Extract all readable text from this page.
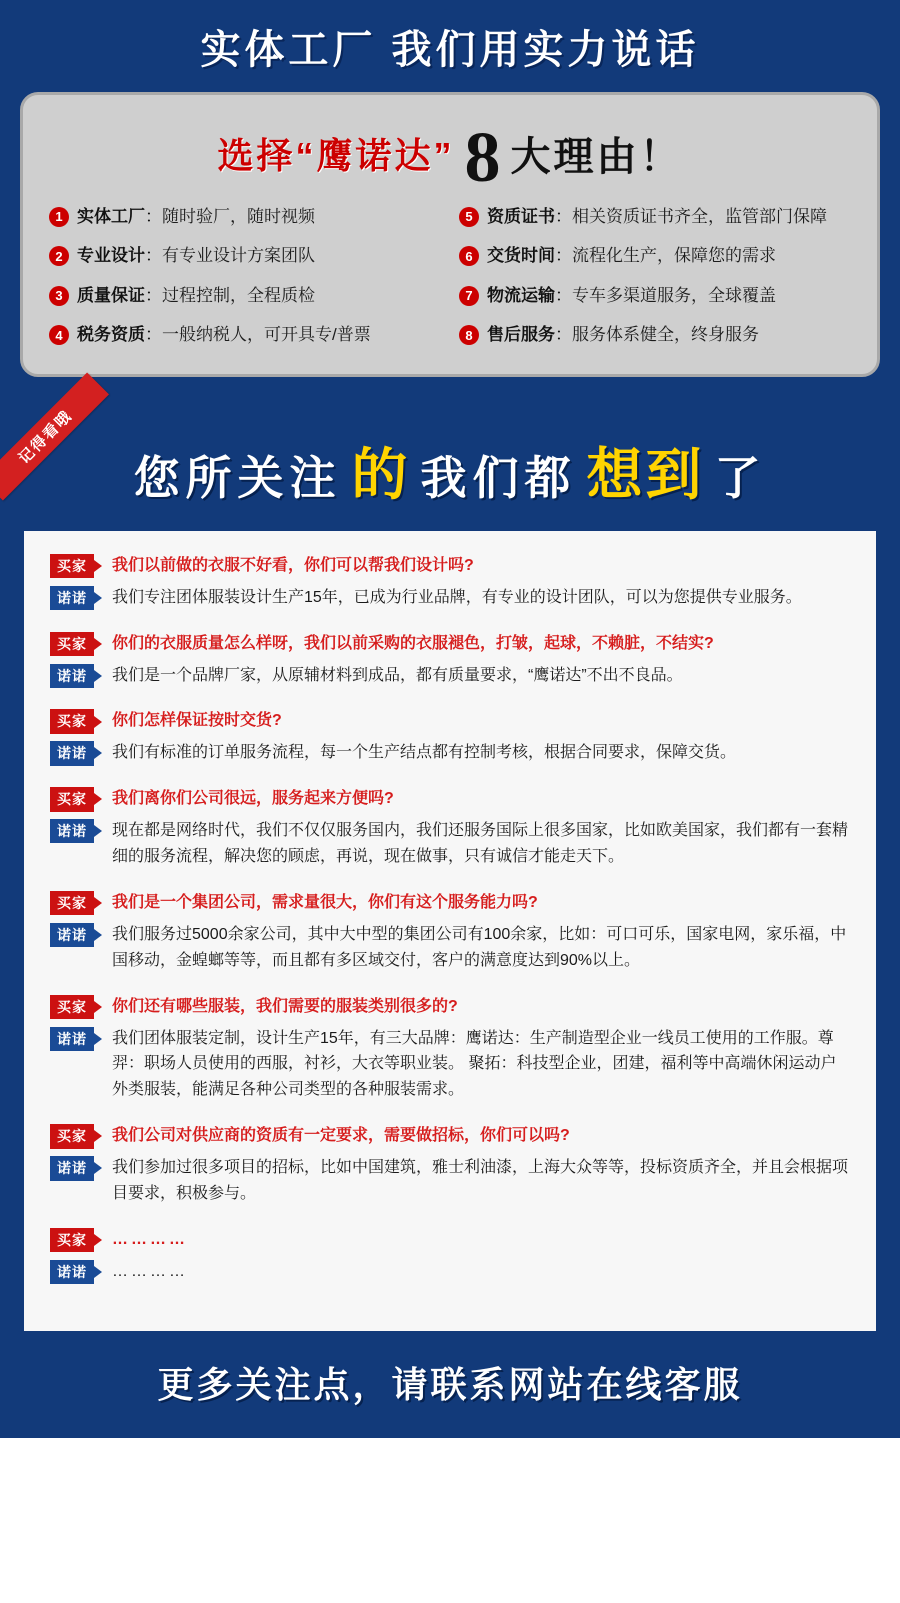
实体工厂 我们用实力说话
选择“鹰诺达” 8 大理由！
1 实体工厂：随时验厂，随时视频	5 资质证书：相关资质证书齐全，监管部门保障
2 专业设计：有专业设计方案团队	6 交货时间：流程化生产，保障您的需求
3 质量保证：过程控制，全程质检	7 物流运输：专车多渠道服务，全球覆盖
4 税务资质：一般纳税人，可开具专/普票	8 售后服务：服务体系健全，终身服务
记得看哦
您所关注 的 我们都 想到 了
买家	我们以前做的衣服不好看，你们可以帮我们设计吗?
诺诺	我们专注团体服装设计生产15年，已成为行业品牌，有专业的设计团队，可以为您提供专业服务。
买家	你们的衣服质量怎么样呀，我们以前采购的衣服褪色，打皱，起球，不赖脏，不结实?
诺诺	我们是一个品牌厂家，从原辅材料到成品，都有质量要求，“鹰诺达”不出不良品。
买家	你们怎样保证按时交货?
诺诺	我们有标准的订单服务流程，每一个生产结点都有控制考核，根据合同要求，保障交货。
买家	我们离你们公司很远，服务起来方便吗?
诺诺	现在都是网络时代，我们不仅仅服务国内，我们还服务国际上很多国家，比如欧美国家，我们都有一套精细的服务流程，解决您的顾虑，再说，现在做事，只有诚信才能走天下。
买家	我们是一个集团公司，需求量很大，你们有这个服务能力吗?
诺诺	我们服务过5000余家公司，其中大中型的集团公司有100余家，比如：可口可乐，国家电网，家乐福，中国移动，金蝗螂等等，而且都有多区域交付，客户的满意度达到90%以上。
买家	你们还有哪些服装，我们需要的服装类别很多的?
诺诺	我们团体服装定制，设计生产15年，有三大品牌：鹰诺达：生产制造型企业一线员工使用的工作服。尊羿：职场人员使用的西服，衬衫，大衣等职业装。 聚拓：科技型企业，团建，福利等中高端休闲运动户外类服装，能满足各种公司类型的各种服装需求。
买家	我们公司对供应商的资质有一定要求，需要做招标，你们可以吗?
诺诺	我们参加过很多项目的招标，比如中国建筑，雅士利油漆，上海大众等等，投标资质齐全，并且会根据项目要求，积极参与。
买家	…………
诺诺	…………
更多关注点，请联系网站在线客服
